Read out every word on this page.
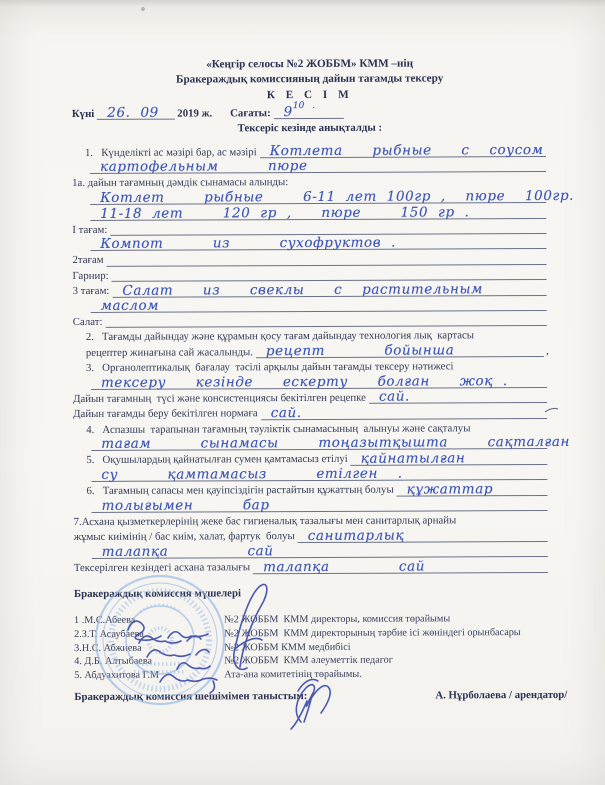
«Кеңгір селосы №2 ЖОББМ» КММ –нің
Бракераждық комиссияның дайын тағамды тексеру
К Е С І М
Күні 26. 09 2019 ж. Сағаты: $9^{10 .}$
Тексеріс кезінде анықталды :
1.   Күнделікті ас мәзірі бар, ас мәзірі Котлета   рыбные   с  соусом
картофельным     пюре
1а. дайын тағамның дәмдік сынамасы алынды:
Котлет    рыбные    6-11 лет 100гр ,  пюре  100гр.
11-18 лет    120 гр ,   пюре    150 гр .
І тағам:
Компот     из     сухофруктов .
2тағам
Гарнир:
3 тағам: Салат   из   свеклы   с  растительным
маслом
Салат:
2.   Тағамды дайындау және құрамын қосу тағам дайындау технология лық  картасы
рецептер жинағына сай жасалынды. рецепт      бойынша	,
3.   Органолептикалық  бағалау  тәсілі арқылы дайын тағамды тексеру нәтижесі
тексеру   кезінде   ескерту   болған   жоқ .
Дайын тағамның  түсі және консистенциясы бекітілген рецепке сай.
Дайын тағамды беру бекітілген нормаға сай.
4.   Аспазшы  тарапынан тағамның тәуліктік сынамасының  алынуы және сақталуы
тағам     сынамасы    тоңазытқышта    сақталған
5.   Оқушылардың қайнатылған сумен қамтамасыз етілуі қайнатылған
су     қамтамасыз     етілген  .
6.   Тағамның сапасы мен қауіпсіздігін растайтын құжаттың болуы құжаттар
толығымен     бар
7.Асхана қызметкерлерінің жеке бас гигиеналық тазалығы мен санитарлық арнайы
жұмыс киімінің / бас киім, халат, фартук  болуы санитарлық
талапқа        сай
Тексерілген кезіндегі асхана тазалығы талапқа       сай
Бракераждық комиссия мүшелері
1 .М.С.Абеева	№2 ЖОББМ  КММ директоры, комиссия төрайымы
2.З.Т. Асаубаева	№2 ЖОББМ  КММ директорының тәрбие ісі жөніндегі орынбасары
3.Н.С. Абжиева	№2 ЖОББМ КММ медбибісі
4. Д.Б. Алтыбаева	№2 ЖОББМ  КММ әлеуметтік педагог
5. Абдуахитова Г.М	Ата-ана комитетінің төрайымы.
Бракераждық комиссия шешімімен таныстым:	А. Нұрболаева / арендатор/
